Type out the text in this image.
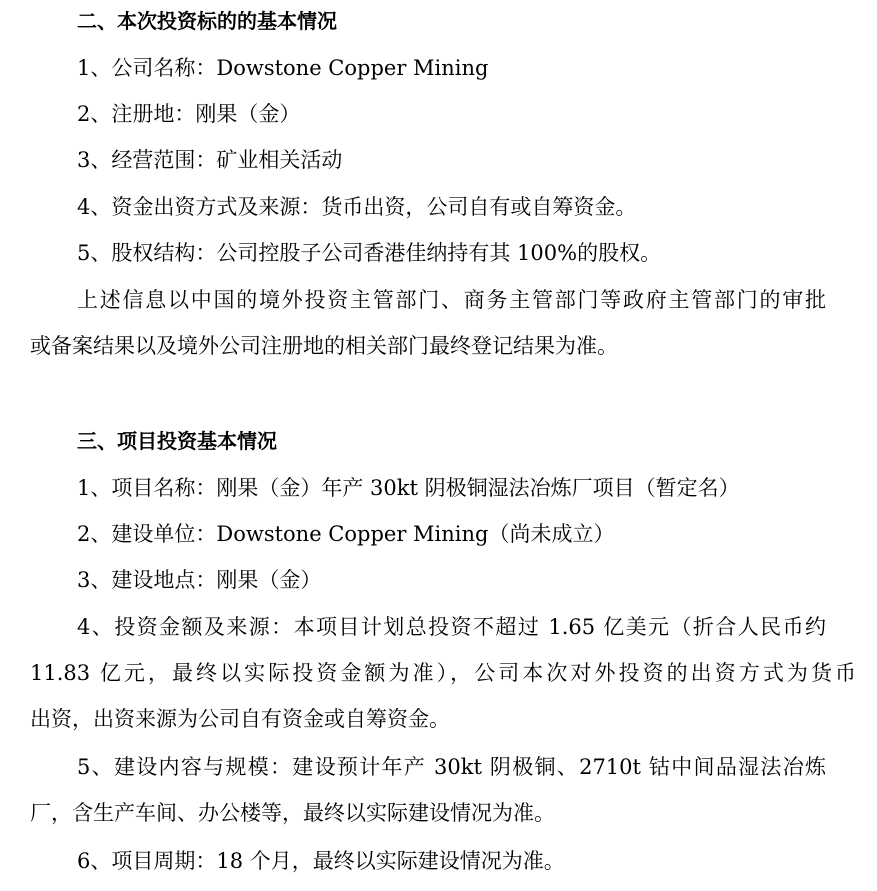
二、本次投资标的的基本情况
1、公司名称：Dowstone Copper Mining
2、注册地：刚果（金）
3、经营范围：矿业相关活动
4、资金出资方式及来源：货币出资，公司自有或自筹资金。
5、股权结构：公司控股子公司香港佳纳持有其 100%的股权。
上述信息以中国的境外投资主管部门、商务主管部门等政府主管部门的审批
或备案结果以及境外公司注册地的相关部门最终登记结果为准。
三、项目投资基本情况
1、项目名称：刚果（金）年产 30kt 阴极铜湿法冶炼厂项目（暂定名）
2、建设单位：Dowstone Copper Mining（尚未成立）
3、建设地点：刚果（金）
4、投资金额及来源：本项目计划总投资不超过 1.65 亿美元（折合人民币约
11.83 亿元，最终以实际投资金额为准），公司本次对外投资的出资方式为货币
出资，出资来源为公司自有资金或自筹资金。
5、建设内容与规模：建设预计年产 30kt 阴极铜、2710t 钴中间品湿法冶炼
厂，含生产车间、办公楼等，最终以实际建设情况为准。
6、项目周期：18 个月，最终以实际建设情况为准。
